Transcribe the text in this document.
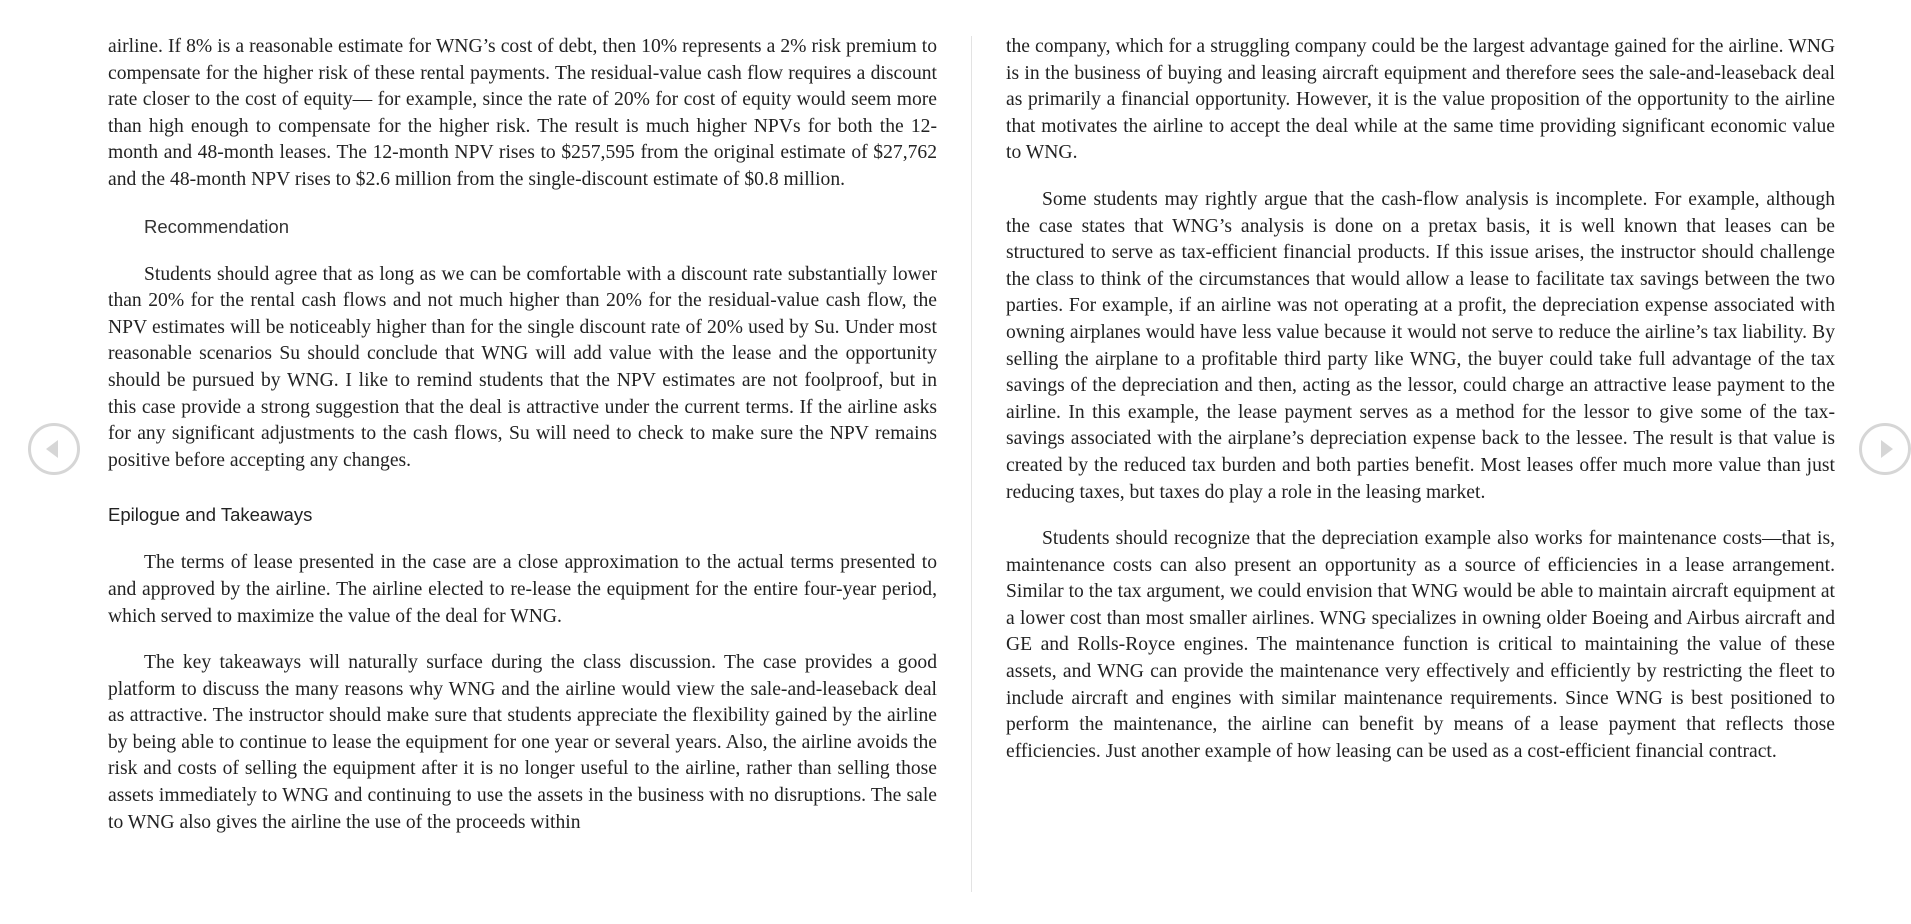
airline. If 8% is a reasonable estimate for WNG’s cost of debt, then 10% represents a 2% risk premium to compensate for the higher risk of these rental payments. The residual-value cash flow requires a discount rate closer to the cost of equity— for example, since the rate of 20% for cost of equity would seem more than high enough to compensate for the higher risk. The result is much higher NPVs for both the 12-month and 48-month leases. The 12-month NPV rises to $257,595 from the original estimate of $27,762 and the 48-month NPV rises to $2.6 million from the single-discount estimate of $0.8 million.

Recommendation

Students should agree that as long as we can be comfortable with a discount rate substantially lower than 20% for the rental cash flows and not much higher than 20% for the residual-value cash flow, the NPV estimates will be noticeably higher than for the single discount rate of 20% used by Su. Under most reasonable scenarios Su should conclude that WNG will add value with the lease and the opportunity should be pursued by WNG. I like to remind students that the NPV estimates are not foolproof, but in this case provide a strong suggestion that the deal is attractive under the current terms. If the airline asks for any significant adjustments to the cash flows, Su will need to check to make sure the NPV remains positive before accepting any changes.

Epilogue and Takeaways

The terms of lease presented in the case are a close approximation to the actual terms presented to and approved by the airline. The airline elected to re-lease the equipment for the entire four-year period, which served to maximize the value of the deal for WNG.

The key takeaways will naturally surface during the class discussion. The case provides a good platform to discuss the many reasons why WNG and the airline would view the sale-and-leaseback deal as attractive. The instructor should make sure that students appreciate the flexibility gained by the airline by being able to continue to lease the equipment for one year or several years. Also, the airline avoids the risk and costs of selling the equipment after it is no longer useful to the airline, rather than selling those assets immediately to WNG and continuing to use the assets in the business with no disruptions. The sale to WNG also gives the airline the use of the proceeds within

the company, which for a struggling company could be the largest advantage gained for the airline. WNG is in the business of buying and leasing aircraft equipment and therefore sees the sale-and-leaseback deal as primarily a financial opportunity. However, it is the value proposition of the opportunity to the airline that motivates the airline to accept the deal while at the same time providing significant economic value to WNG.

Some students may rightly argue that the cash-flow analysis is incomplete. For example, although the case states that WNG’s analysis is done on a pretax basis, it is well known that leases can be structured to serve as tax-efficient financial products. If this issue arises, the instructor should challenge the class to think of the circumstances that would allow a lease to facilitate tax savings between the two parties. For example, if an airline was not operating at a profit, the depreciation expense associated with owning airplanes would have less value because it would not serve to reduce the airline’s tax liability. By selling the airplane to a profitable third party like WNG, the buyer could take full advantage of the tax savings of the depreciation and then, acting as the lessor, could charge an attractive lease payment to the airline. In this example, the lease payment serves as a method for the lessor to give some of the tax-savings associated with the airplane’s depreciation expense back to the lessee. The result is that value is created by the reduced tax burden and both parties benefit. Most leases offer much more value than just reducing taxes, but taxes do play a role in the leasing market.

Students should recognize that the depreciation example also works for maintenance costs—that is, maintenance costs can also present an opportunity as a source of efficiencies in a lease arrangement. Similar to the tax argument, we could envision that WNG would be able to maintain aircraft equipment at a lower cost than most smaller airlines. WNG specializes in owning older Boeing and Airbus aircraft and GE and Rolls-Royce engines. The maintenance function is critical to maintaining the value of these assets, and WNG can provide the maintenance very effectively and efficiently by restricting the fleet to include aircraft and engines with similar maintenance requirements. Since WNG is best positioned to perform the maintenance, the airline can benefit by means of a lease payment that reflects those efficiencies. Just another example of how leasing can be used as a cost-efficient financial contract.
